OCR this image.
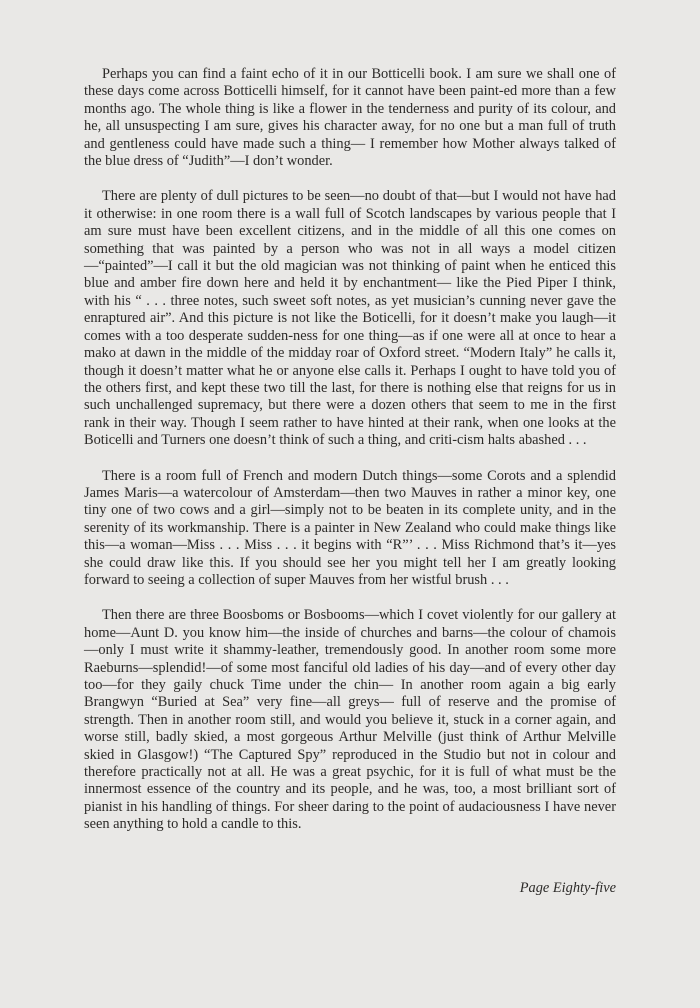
Perhaps you can find a faint echo of it in our Botticelli book. I am sure we shall one of these days come across Botticelli himself, for it cannot have been paint-ed more than a few months ago. The whole thing is like a flower in the tenderness and purity of its colour, and he, all unsuspecting I am sure, gives his character away, for no one but a man full of truth and gentleness could have made such a thing— I remember how Mother always talked of the blue dress of “Judith”—I don’t wonder.

There are plenty of dull pictures to be seen—no doubt of that—but I would not have had it otherwise: in one room there is a wall full of Scotch landscapes by various people that I am sure must have been excellent citizens, and in the middle of all this one comes on something that was painted by a person who was not in all ways a model citizen—“painted”—I call it but the old magician was not thinking of paint when he enticed this blue and amber fire down here and held it by enchantment— like the Pied Piper I think, with his “ . . . three notes, such sweet soft notes, as yet musician’s cunning never gave the enraptured air”. And this picture is not like the Boticelli, for it doesn’t make you laugh—it comes with a too desperate sudden-ness for one thing—as if one were all at once to hear a mako at dawn in the middle of the midday roar of Oxford street. “Modern Italy” he calls it, though it doesn’t matter what he or anyone else calls it. Perhaps I ought to have told you of the others first, and kept these two till the last, for there is nothing else that reigns for us in such unchallenged supremacy, but there were a dozen others that seem to me in the first rank in their way. Though I seem rather to have hinted at their rank, when one looks at the Boticelli and Turners one doesn’t think of such a thing, and criti-cism halts abashed . . .

There is a room full of French and modern Dutch things—some Corots and a splendid James Maris—a watercolour of Amsterdam—then two Mauves in rather a minor key, one tiny one of two cows and a girl—simply not to be beaten in its complete unity, and in the serenity of its workmanship. There is a painter in New Zealand who could make things like this—a woman—Miss . . . Miss . . . it begins with “R”’ . . . Miss Richmond that’s it—yes she could draw like this. If you should see her you might tell her I am greatly looking forward to seeing a collection of super Mauves from her wistful brush . . .

Then there are three Boosboms or Bosbooms—which I covet violently for our gallery at home—Aunt D. you know him—the inside of churches and barns—the colour of chamois—only I must write it shammy-leather, tremendously good. In another room some more Raeburns—splendid!—of some most fanciful old ladies of his day—and of every other day too—for they gaily chuck Time under the chin— In another room again a big early Brangwyn “Buried at Sea” very fine—all greys— full of reserve and the promise of strength. Then in another room still, and would you believe it, stuck in a corner again, and worse still, badly skied, a most gorgeous Arthur Melville (just think of Arthur Melville skied in Glasgow!) “The Captured Spy” reproduced in the Studio but not in colour and therefore practically not at all. He was a great psychic, for it is full of what must be the innermost essence of the country and its people, and he was, too, a most brilliant sort of pianist in his handling of things. For sheer daring to the point of audaciousness I have never seen anything to hold a candle to this.

Page Eighty-five
